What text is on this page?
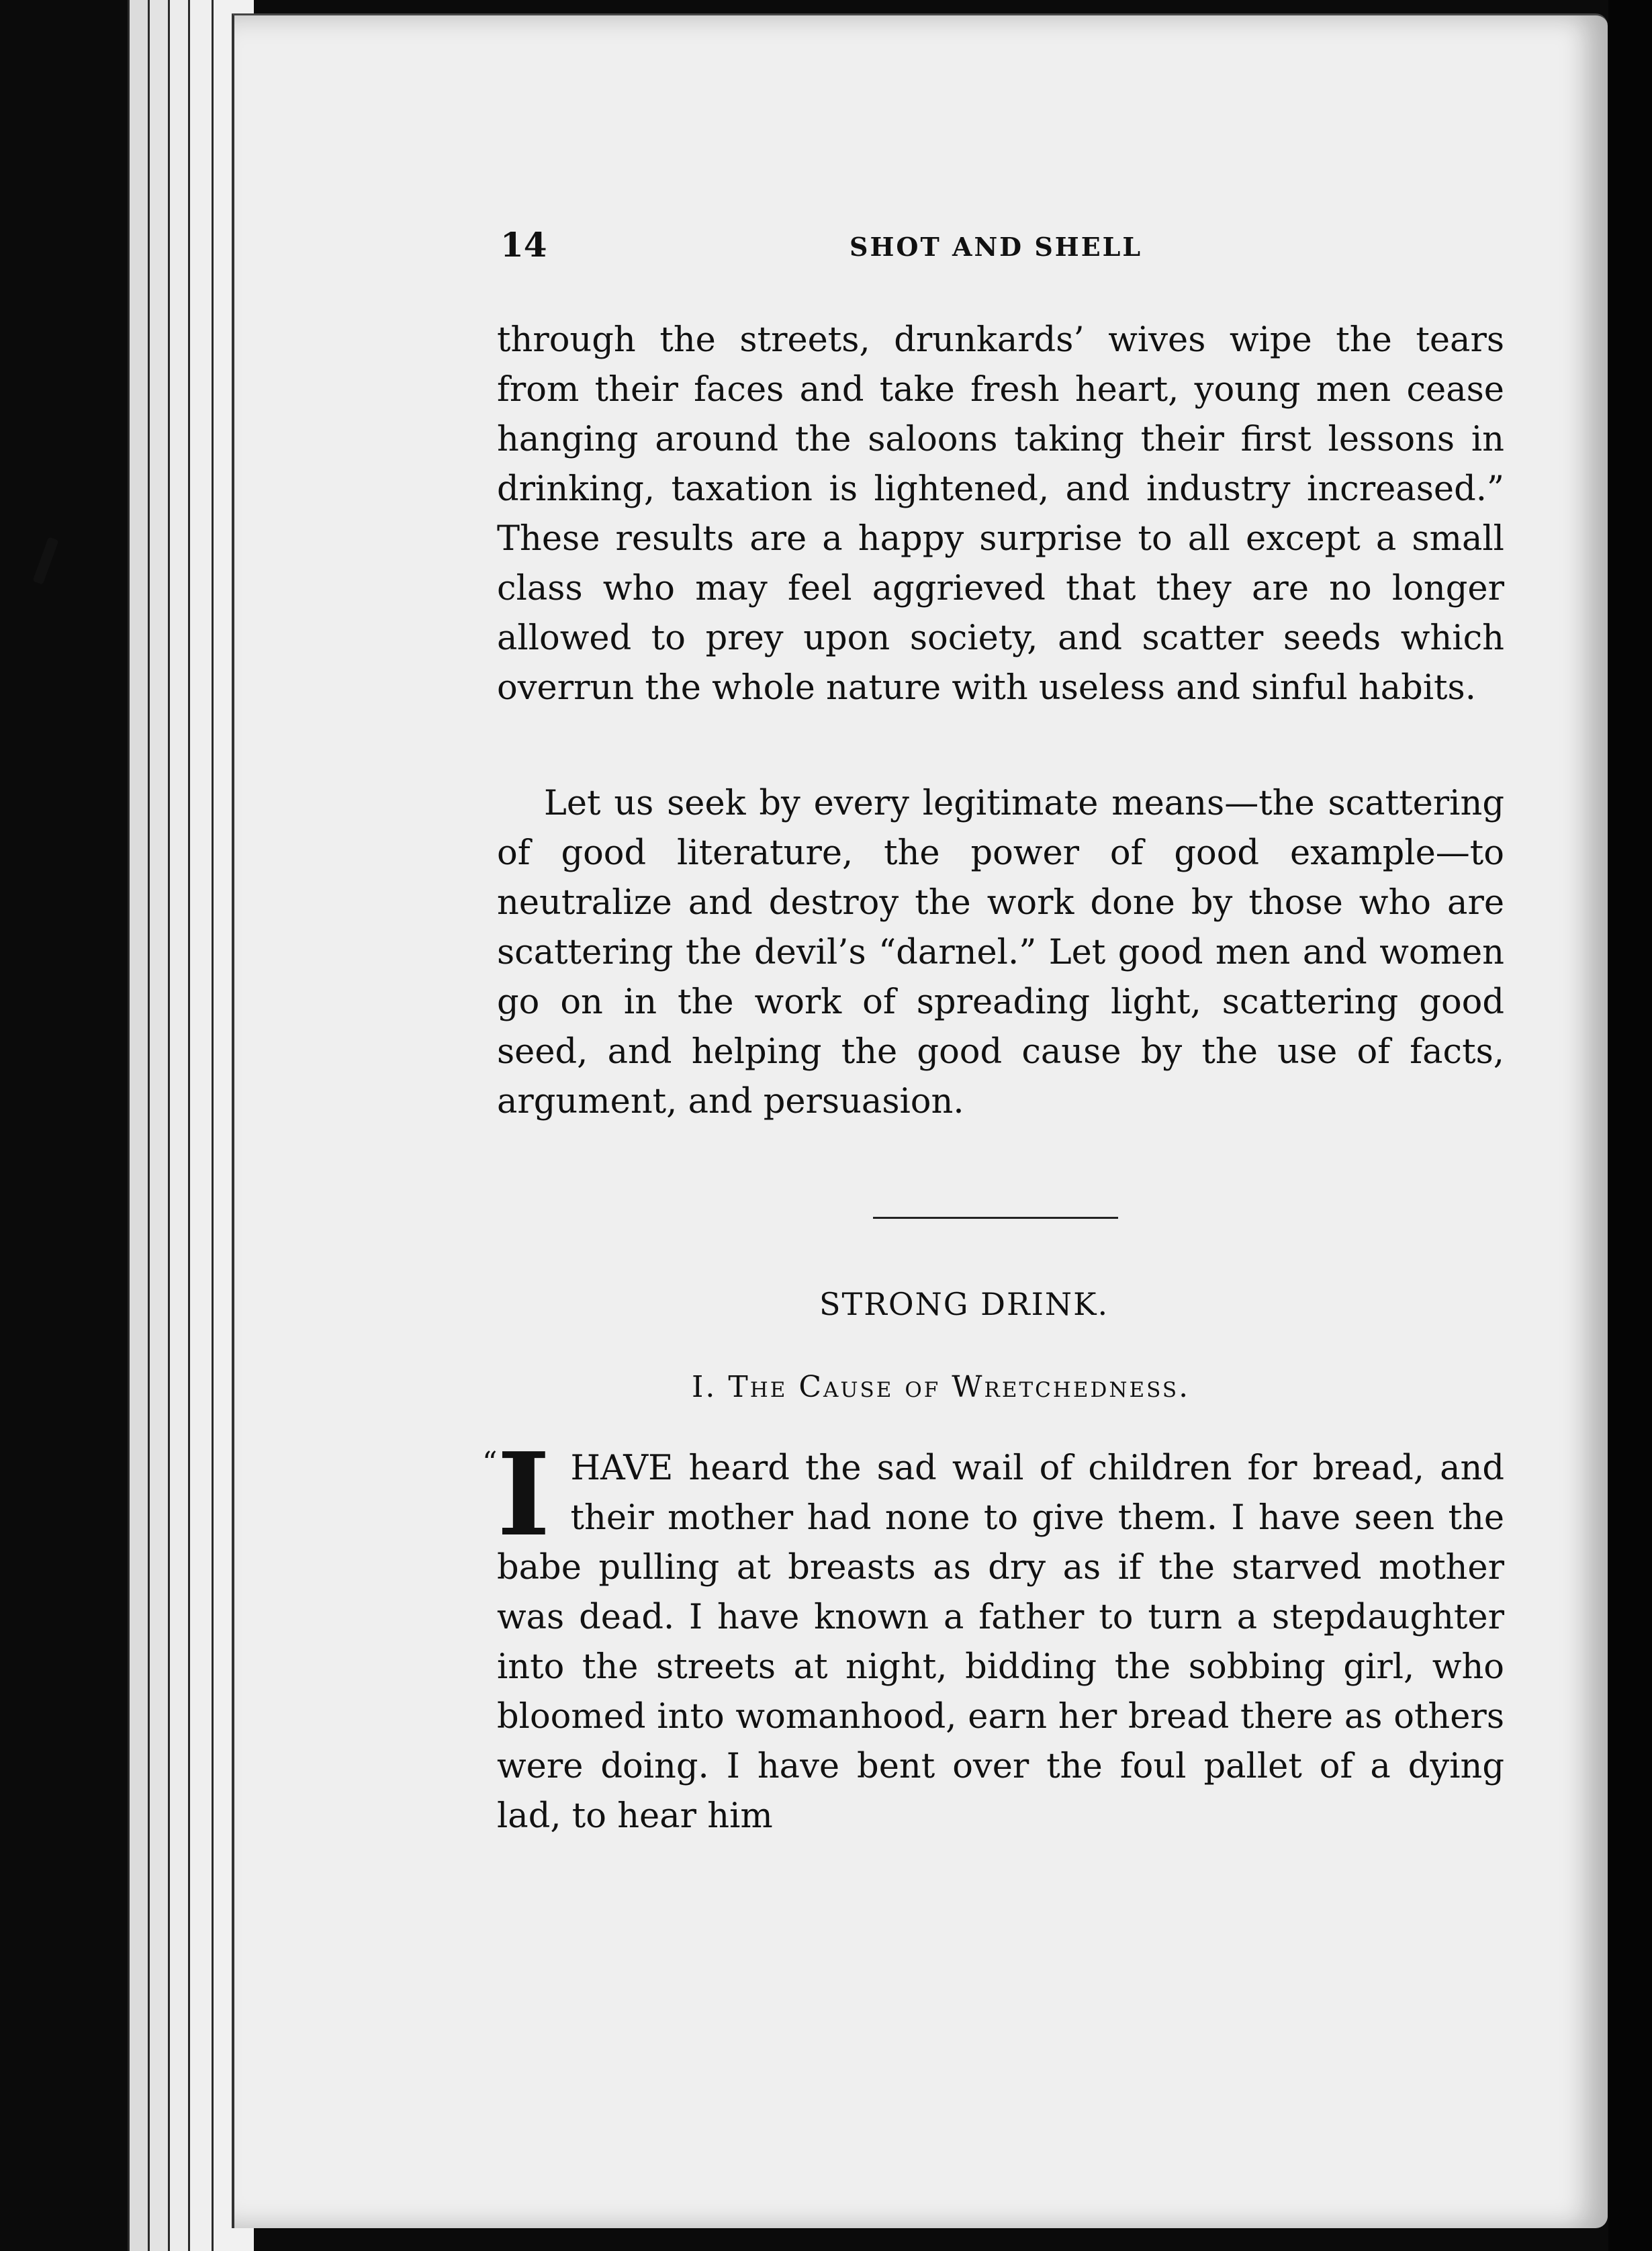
14	SHOT AND SHELL
through the streets, drunkards’ wives wipe the tears from their faces and take fresh heart, young men cease hanging around the saloons taking their first lessons in drinking, taxation is lightened, and industry increased.” These results are a happy surprise to all except a small class who may feel aggrieved that they are no longer allowed to prey upon society, and scatter seeds which overrun the whole nature with useless and sinful habits.
Let us seek by every legitimate means—the scattering of good literature, the power of good example—to neutralize and destroy the work done by those who are scattering the devil’s “darnel.” Let good men and women go on in the work of spreading light, scattering good seed, and helping the good cause by the use of facts, argument, and persuasion.
STRONG DRINK.
I. The Cause of Wretchedness.
“ I HAVE heard the sad wail of children for bread, and their mother had none to give them. I have seen the babe pulling at breasts as dry as if the starved mother was dead. I have known a father to turn a stepdaughter into the streets at night, bidding the sobbing girl, who bloomed into womanhood, earn her bread there as others were doing. I have bent over the foul pallet of a dying lad, to hear him
